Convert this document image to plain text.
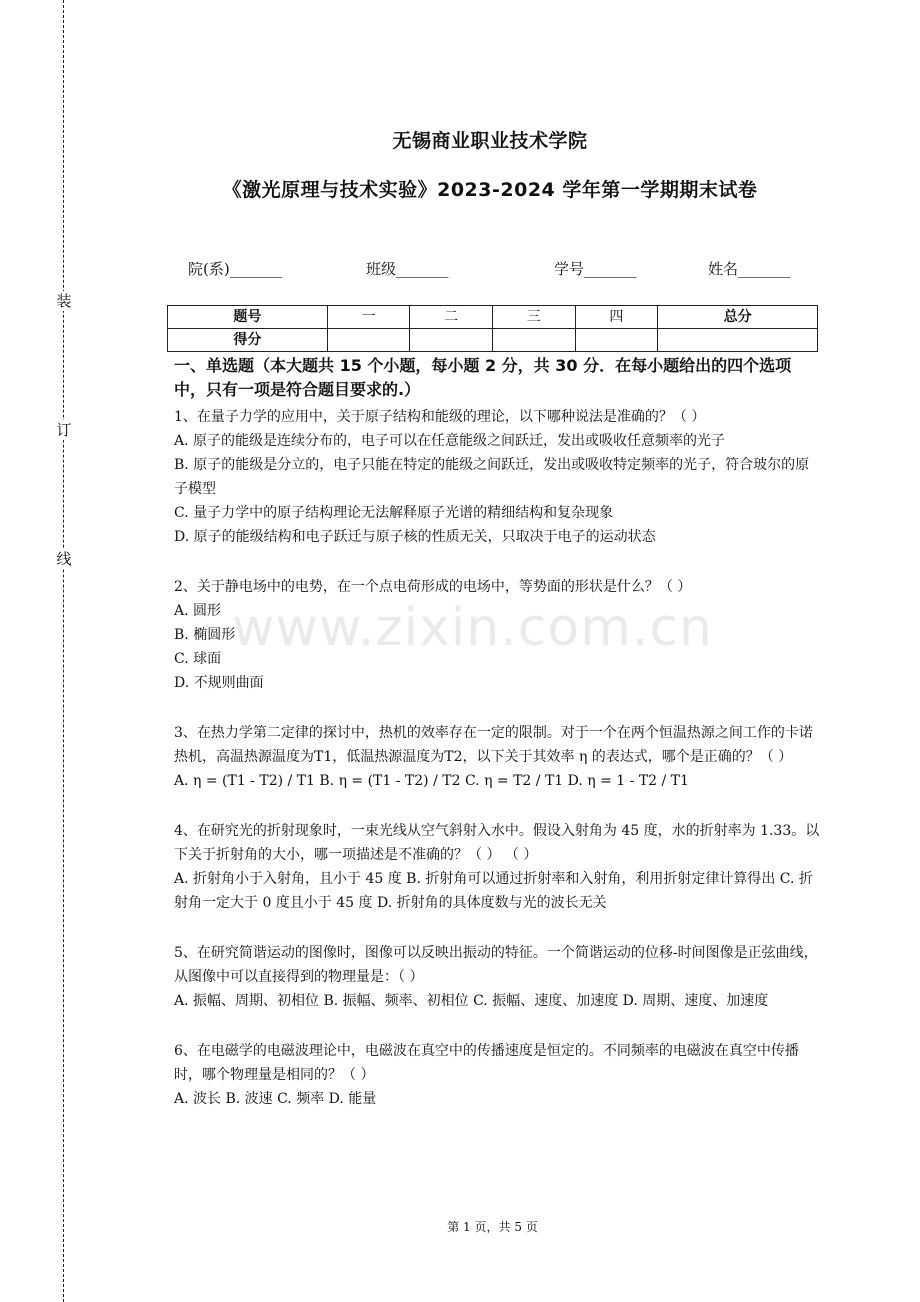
装
订
线
无锡商业职业技术学院
《激光原理与技术实验》2023-2024 学年第一学期期末试卷
院(系)_______	班级_______	学号_______	姓名_______
题号	一	二	三	四	总分
得分					
一、单选题（本大题共 15 个小题，每小题 2 分，共 30 分．在每小题给出的四个选项中，只有一项是符合题目要求的.）

1、在量子力学的应用中，关于原子结构和能级的理论，以下哪种说法是准确的？（ ）

A. 原子的能级是连续分布的，电子可以在任意能级之间跃迁，发出或吸收任意频率的光子

B. 原子的能级是分立的，电子只能在特定的能级之间跃迁，发出或吸收特定频率的光子，符合玻尔的原子模型

C. 量子力学中的原子结构理论无法解释原子光谱的精细结构和复杂现象

D. 原子的能级结构和电子跃迁与原子核的性质无关，只取决于电子的运动状态

2、关于静电场中的电势，在一个点电荷形成的电场中，等势面的形状是什么？（ ）

A. 圆形

B. 椭圆形

C. 球面

D. 不规则曲面

3、在热力学第二定律的探讨中，热机的效率存在一定的限制。对于一个在两个恒温热源之间工作的卡诺热机，高温热源温度为T1，低温热源温度为T2，以下关于其效率 η 的表达式，哪个是正确的？（ ）

A. η = (T1 - T2) / T1 B. η = (T1 - T2) / T2 C. η = T2 / T1 D. η = 1 - T2 / T1

4、在研究光的折射现象时，一束光线从空气斜射入水中。假设入射角为 45 度，水的折射率为 1.33。以下关于折射角的大小，哪一项描述是不准确的？（ ） （ ）

A. 折射角小于入射角，且小于 45 度 B. 折射角可以通过折射率和入射角，利用折射定律计算得出 C. 折射角一定大于 0 度且小于 45 度 D. 折射角的具体度数与光的波长无关

5、在研究简谐运动的图像时，图像可以反映出振动的特征。一个简谐运动的位移-时间图像是正弦曲线，从图像中可以直接得到的物理量是：（ ）

A. 振幅、周期、初相位 B. 振幅、频率、初相位 C. 振幅、速度、加速度 D. 周期、速度、加速度

6、在电磁学的电磁波理论中，电磁波在真空中的传播速度是恒定的。不同频率的电磁波在真空中传播时，哪个物理量是相同的？（ ）

A. 波长 B. 波速 C. 频率 D. 能量

www.zixin.com.cn
第 1 页，共 5 页
